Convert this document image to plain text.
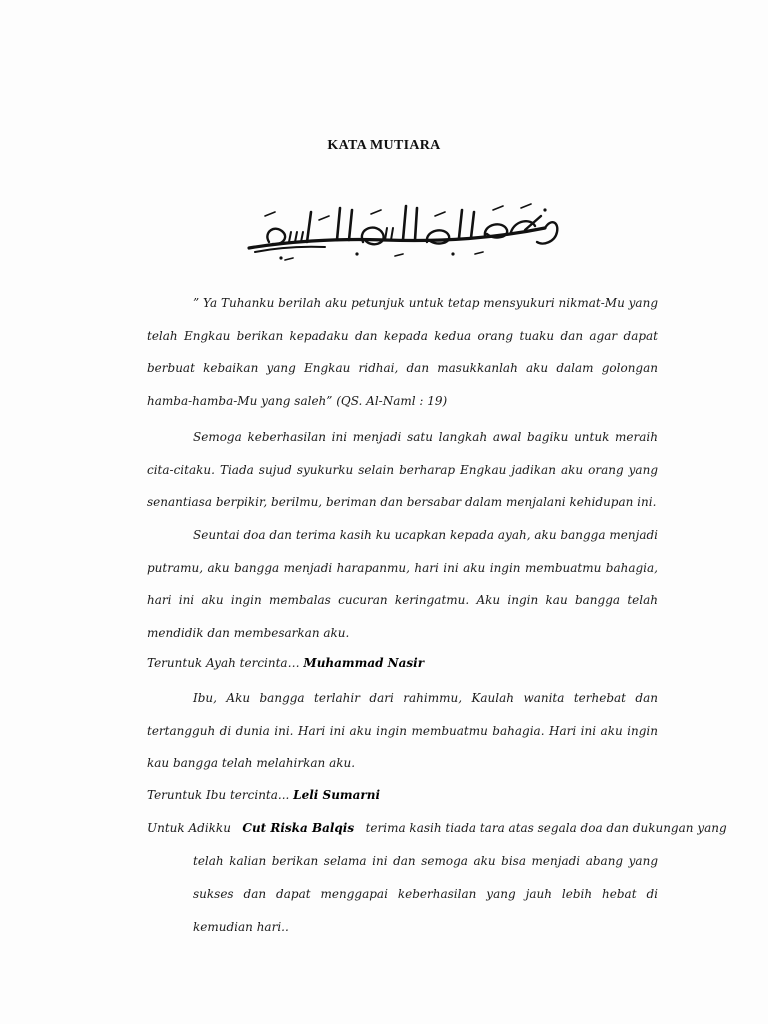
KATA MUTIARA
” Ya Tuhanku berilah aku petunjuk untuk tetap mensyukuri nikmat-Mu yang telah Engkau berikan kepadaku dan kepada kedua orang tuaku dan agar dapat berbuat kebaikan yang Engkau ridhai, dan masukkanlah aku dalam golongan hamba-hamba-Mu yang saleh” (QS. Al-Naml : 19)
Semoga keberhasilan ini menjadi satu langkah awal bagiku untuk meraih cita-citaku. Tiada sujud syukurku selain berharap Engkau jadikan aku orang yang senantiasa berpikir, berilmu, beriman dan bersabar dalam menjalani kehidupan ini.
Seuntai doa dan terima kasih ku ucapkan kepada ayah, aku bangga menjadi putramu, aku bangga menjadi harapanmu, hari ini aku ingin membuatmu bahagia, hari ini aku ingin membalas cucuran keringatmu. Aku ingin kau bangga telah mendidik dan membesarkan aku.
Teruntuk Ayah tercinta… Muhammad Nasir
Ibu, Aku bangga terlahir dari rahimmu, Kaulah wanita terhebat dan tertangguh di dunia ini. Hari ini aku ingin membuatmu bahagia. Hari ini aku ingin kau bangga telah melahirkan aku.
Teruntuk Ibu tercinta... Leli Sumarni
Untuk Adikku Cut Riska Balqis terima kasih tiada tara atas segala doa dan dukungan yang
telah kalian berikan selama ini dan semoga aku bisa menjadi abang yang sukses dan dapat menggapai keberhasilan yang jauh lebih hebat di kemudian hari..
